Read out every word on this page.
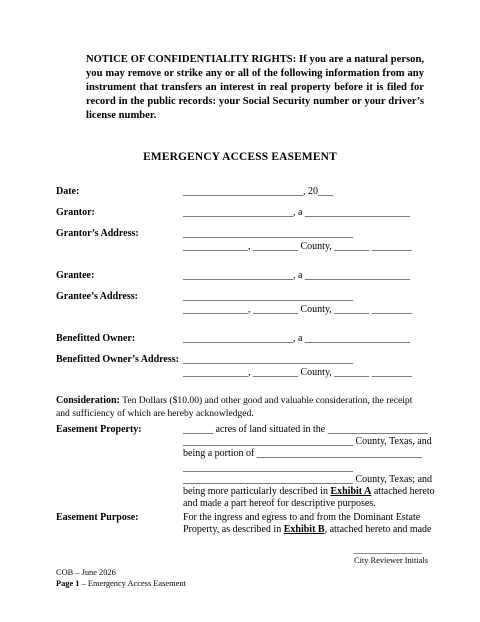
NOTICE OF CONFIDENTIALITY RIGHTS: If you are a natural person, you may remove or strike any or all of the following information from any instrument that transfers an interest in real property before it is filed for record in the public records: your Social Security number or your driver’s license number.
EMERGENCY ACCESS EASEMENT
Date:	________________________, 20___
Grantor:	______________________, a _____________________
Grantor’s Address:	__________________________________
_____________, _________ County, _______ ________
Grantee:	______________________, a _____________________
Grantee’s Address:	__________________________________
_____________, _________ County, _______ ________
Benefitted Owner:	______________________, a _____________________
Benefitted Owner’s Address: __________________________________
_____________, _________ County, _______ ________
Consideration: Ten Dollars ($10.00) and other good and valuable consideration, the receipt and sufficiency of which are hereby acknowledged.
Easement Property:	______ acres of land situated in the ____________________
__________________________________ County, Texas, and
being a portion of _________________________________
__________________________________
__________________________________ County, Texas; and
being more particularly described in Exhibit A attached hereto
and made a part hereof for descriptive purposes.
Easement Purpose:	For the ingress and egress to and from the Dominant Estate
Property, as described in Exhibit B, attached hereto and made
City Reviewer Initials
COB – June 2026
Page 1 – Emergency Access Easement
